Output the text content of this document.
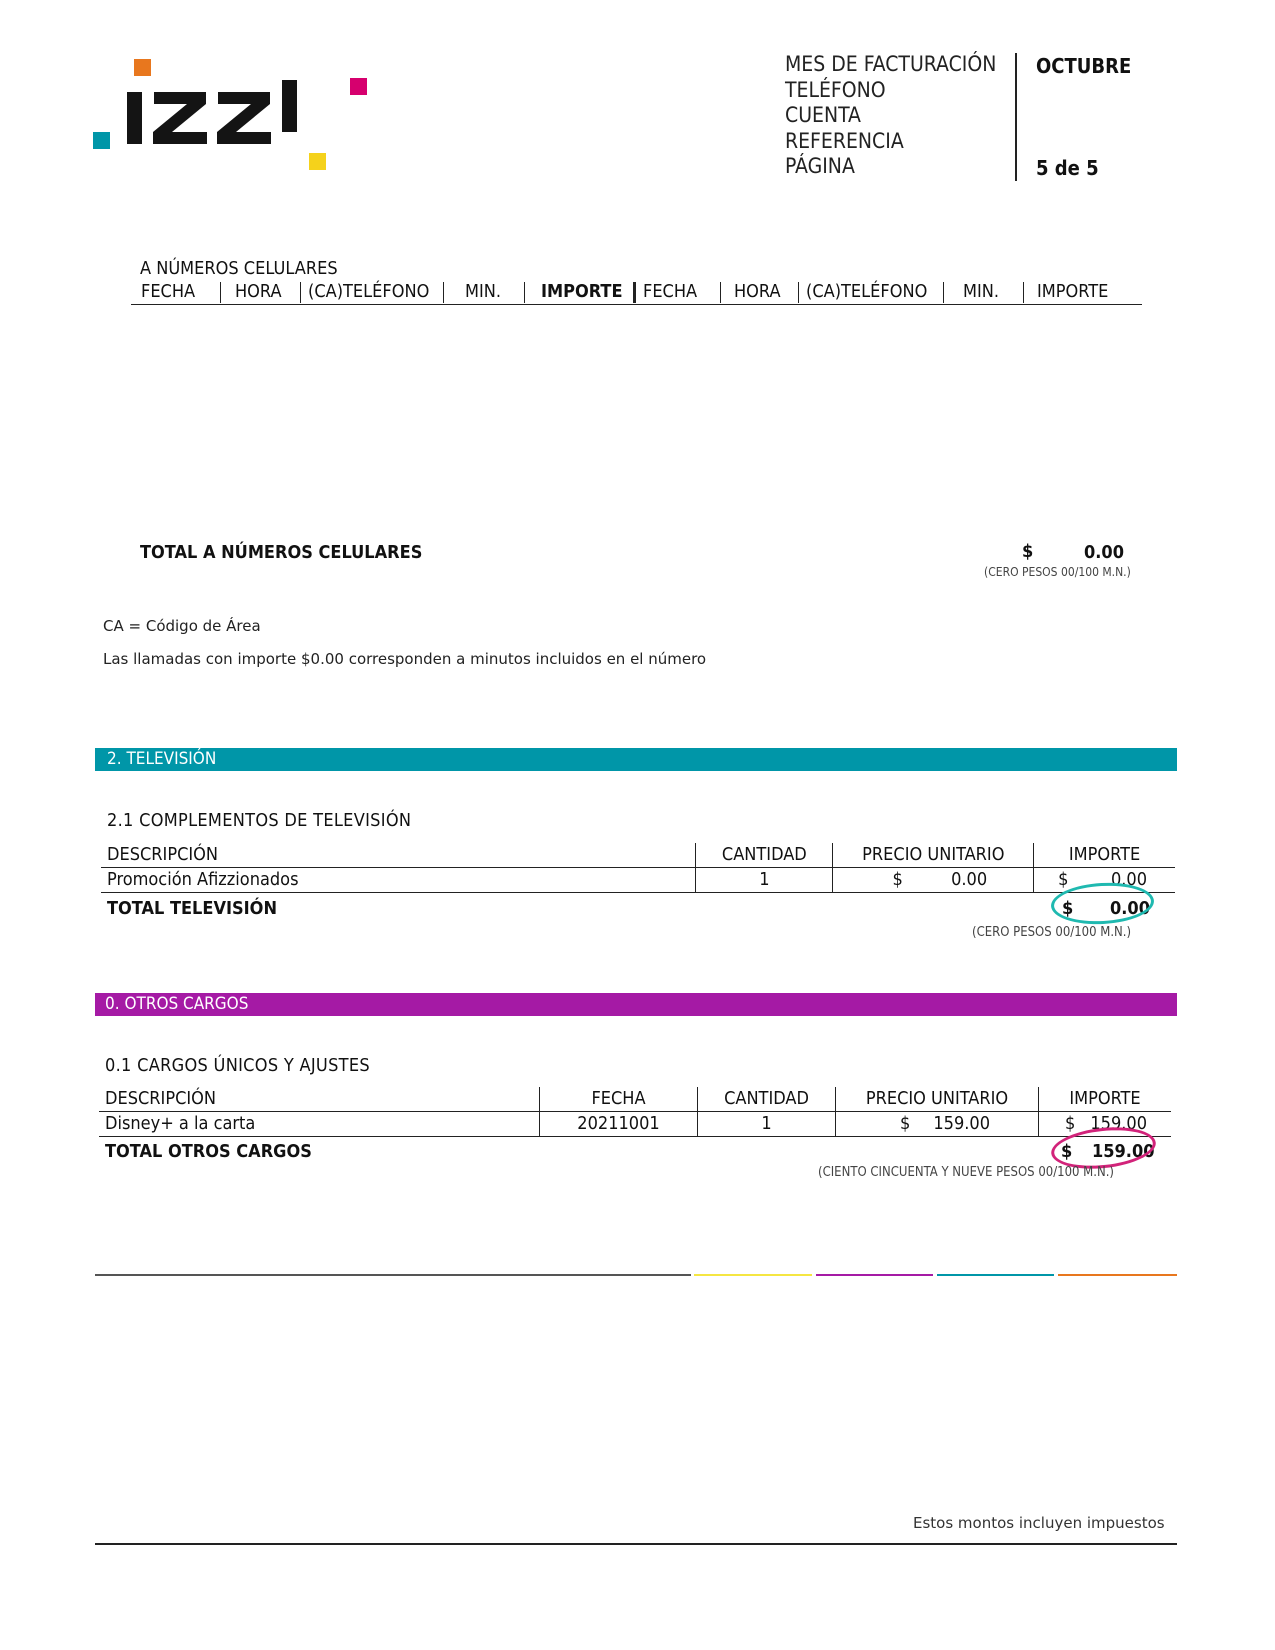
MES DE FACTURACIÓN
TELÉFONO
CUENTA
REFERENCIA
PÁGINA
OCTUBRE
5 de 5
A NÚMEROS CELULARES
FECHA HORA (CA)TELÉFONO MIN. IMPORTE FECHA HORA (CA)TELÉFONO MIN. IMPORTE
TOTAL A NÚMEROS CELULARES	$	0.00
(CERO PESOS 00/100 M.N.)
CA = Código de Área
Las llamadas con importe $0.00 corresponden a minutos incluidos en el número
2. TELEVISIÓN
2.1 COMPLEMENTOS DE TELEVISIÓN
DESCRIPCIÓN	CANTIDAD	PRECIO UNITARIO	IMPORTE
Promoción Afizzionados	1	$ 0.00	$ 0.00
TOTAL TELEVISIÓN	$ 0.00
(CERO PESOS 00/100 M.N.)
0. OTROS CARGOS
0.1 CARGOS ÚNICOS Y AJUSTES
DESCRIPCIÓN	FECHA	CANTIDAD	PRECIO UNITARIO	IMPORTE
Disney+ a la carta	20211001	1	$ 159.00	$ 159.00
TOTAL OTROS CARGOS	$ 159.00
(CIENTO CINCUENTA Y NUEVE PESOS 00/100 M.N.)
Estos montos incluyen impuestos
